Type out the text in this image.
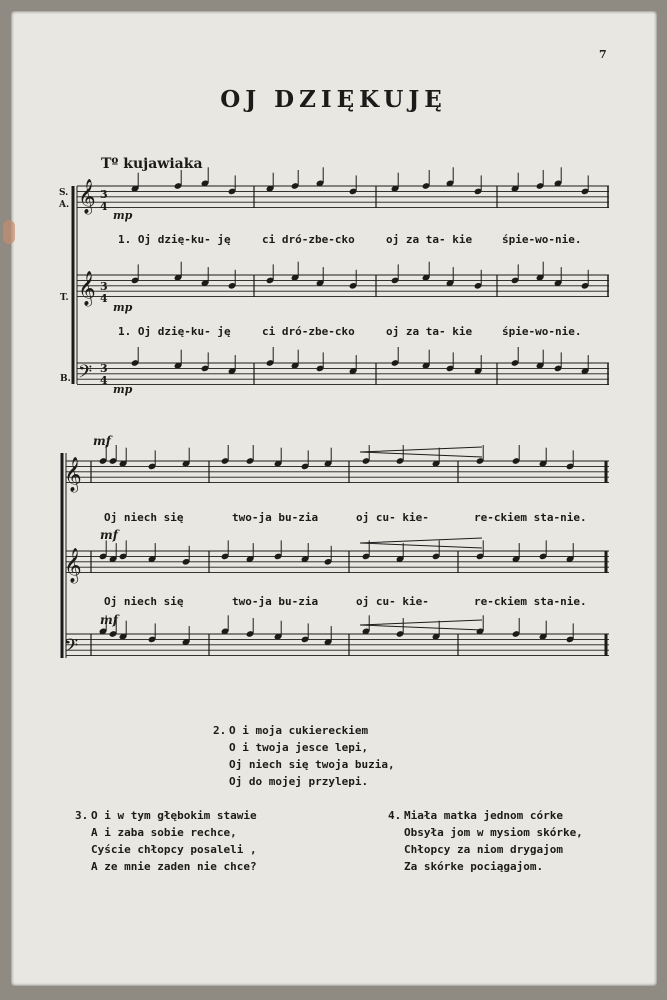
7
OJ DZIĘKUJĘ
Tº kujawiaka
𝄞
𝄞
𝄢
3
4
3
4
3
4
mp
mp
mp
S.
A.
T.
B.
1. Oj dzię-ku- ję	ci dró-zbe-cko	oj za ta- kie	śpie-wo-nie.
1. Oj dzię-ku- ję	ci dró-zbe-cko	oj za ta- kie	śpie-wo-nie.
𝄞
𝄞
𝄢
mf
mf
mf
Oj niech się	two-ja bu-zia	oj cu- kie-	re-ckiem sta-nie.
Oj niech się	two-ja bu-zia	oj cu- kie-	re-ckiem sta-nie.
2. O i moja cukiereckiem
O i twoja jesce lepi,
Oj niech się twoja buzia,
Oj do mojej przylepi.
3. O i w tym głębokim stawie
A i zaba sobie rechce,
Cyście chłopcy posaleli ,
A ze mnie zaden nie chce?
4. Miała matka jednom córke
Obsyła jom w mysiom skórke,
Chłopcy za niom drygajom
Za skórke pociągajom.
